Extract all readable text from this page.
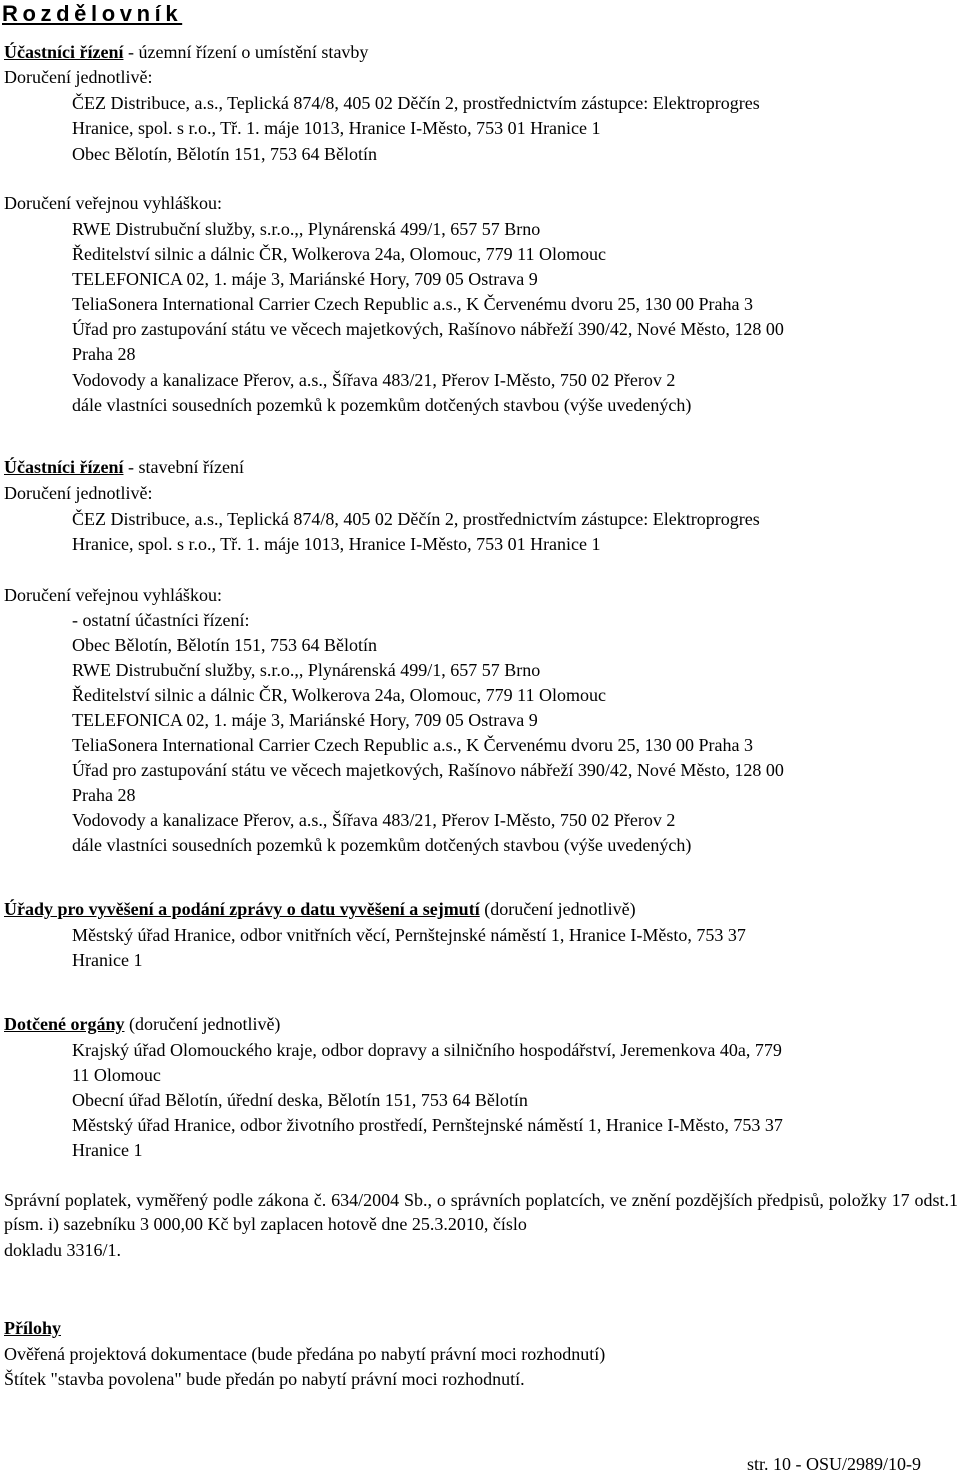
Rozdělovník
Účastníci řízení - územní řízení o umístění stavby
Doručení jednotlivě:
ČEZ Distribuce, a.s., Teplická 874/8, 405 02 Děčín 2, prostřednictvím zástupce: Elektroprogres
Hranice, spol. s r.o., Tř. 1. máje 1013, Hranice I-Město, 753 01 Hranice 1
Obec Bělotín, Bělotín 151, 753 64 Bělotín
Doručení veřejnou vyhláškou:
RWE Distrubuční služby, s.r.o.,, Plynárenská 499/1, 657 57 Brno
Ředitelství silnic a dálnic ČR, Wolkerova 24a, Olomouc, 779 11 Olomouc
TELEFONICA 02, 1. máje 3, Mariánské Hory, 709 05 Ostrava 9
TeliaSonera International Carrier Czech Republic a.s., K Červenému dvoru 25, 130 00 Praha 3
Úřad pro zastupování státu ve věcech majetkových, Rašínovo nábřeží 390/42, Nové Město, 128 00
Praha 28
Vodovody a kanalizace Přerov, a.s., Šířava 483/21, Přerov I-Město, 750 02 Přerov 2
dále vlastníci sousedních pozemků k pozemkům dotčených stavbou (výše uvedených)
Účastníci řízení - stavební řízení
Doručení jednotlivě:
ČEZ Distribuce, a.s., Teplická 874/8, 405 02 Děčín 2, prostřednictvím zástupce: Elektroprogres
Hranice, spol. s r.o., Tř. 1. máje 1013, Hranice I-Město, 753 01 Hranice 1
Doručení veřejnou vyhláškou:
- ostatní účastníci řízení:
Obec Bělotín, Bělotín 151, 753 64 Bělotín
RWE Distrubuční služby, s.r.o.,, Plynárenská 499/1, 657 57 Brno
Ředitelství silnic a dálnic ČR, Wolkerova 24a, Olomouc, 779 11 Olomouc
TELEFONICA 02, 1. máje 3, Mariánské Hory, 709 05 Ostrava 9
TeliaSonera International Carrier Czech Republic a.s., K Červenému dvoru 25, 130 00 Praha 3
Úřad pro zastupování státu ve věcech majetkových, Rašínovo nábřeží 390/42, Nové Město, 128 00
Praha 28
Vodovody a kanalizace Přerov, a.s., Šířava 483/21, Přerov I-Město, 750 02 Přerov 2
dále vlastníci sousedních pozemků k pozemkům dotčených stavbou (výše uvedených)
Úřady pro vyvěšení a podání zprávy o datu vyvěšení a sejmutí (doručení jednotlivě)
Městský úřad Hranice, odbor vnitřních věcí, Pernštejnské náměstí 1, Hranice I-Město, 753 37
Hranice 1
Dotčené orgány (doručení jednotlivě)
Krajský úřad Olomouckého kraje, odbor dopravy a silničního hospodářství, Jeremenkova 40a, 779
11 Olomouc
Obecní úřad Bělotín, úřední deska, Bělotín 151, 753 64 Bělotín
Městský úřad Hranice, odbor životního prostředí, Pernštejnské náměstí 1, Hranice I-Město, 753 37
Hranice 1
Správní poplatek, vyměřený podle zákona č. 634/2004 Sb., o správních poplatcích, ve znění pozdějších předpisů, položky 17 odst.1 písm. i) sazebníku 3 000,00 Kč byl zaplacen hotově dne 25.3.2010, číslo
dokladu 3316/1.
Přílohy
Ověřená projektová dokumentace (bude předána po nabytí právní moci rozhodnutí)
Štítek "stavba povolena" bude předán po nabytí právní moci rozhodnutí.
str. 10 - OSU/2989/10-9
